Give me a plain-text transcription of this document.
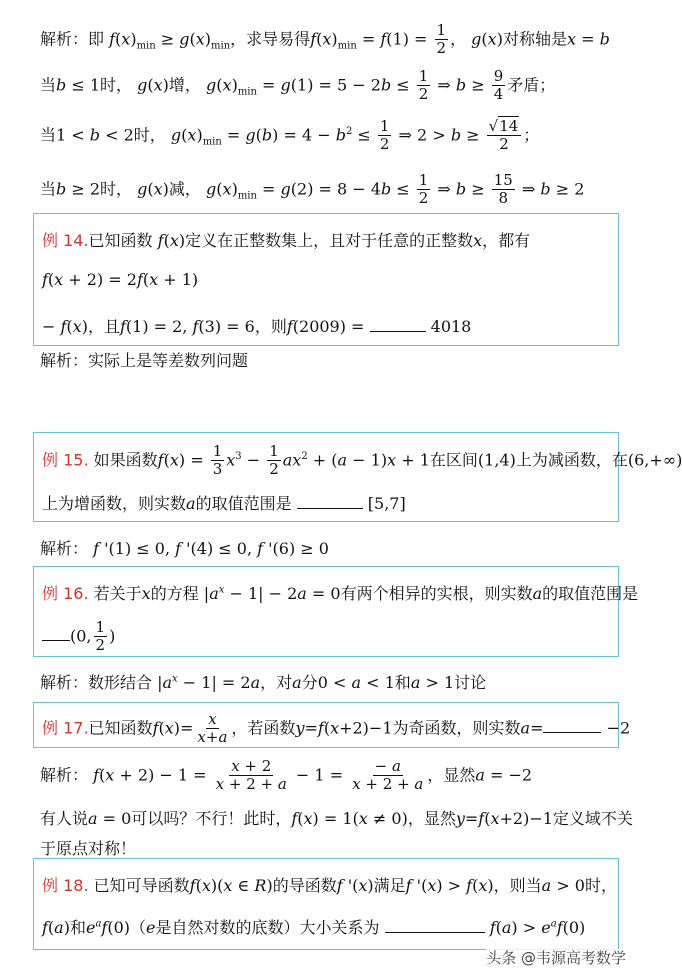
解析：即 $f(x)_{min} \ge g(x)_{min}$，求导易得$f(x)_{min} = f(1) = \frac{1}{2}$ ， g(x)对称轴是x = b
当b ≤ 1时， g(x)增， $g(x)_{min} = g(1) = 5 - 2b \le \frac{1}{2}$ ⇒ $b \ge \frac{9}{4}$ 矛盾；
当1 < b < 2时， $g(x)_{min} = g(b) = 4 - b^2 \le \frac{1}{2}$ ⇒ $2 > b \ge \frac{√14}{2}$ ；
当b ≥ 2时， g(x)减， $g(x)_{min} = g(2) = 8 - 4b \le \frac{1}{2}$ ⇒ $b \ge \frac{15}{8}$ ⇒ b ≥ 2
例 14.已知函数 f(x)定义在正整数集上，且对于任意的正整数x，都有
f(x + 2) = 2f(x + 1)
− f(x)，且f(1) = 2, f(3) = 6，则f(2009) =	4018
解析：实际上是等差数列问题
例 15. 如果函数$f(x) = \frac{1}{3} x^3 - \frac{1}{2} ax^2 + (a - 1)x + 1$在区间(1,4)上为减函数，在(6,+∞)
上为增函数，则实数a的取值范围是	[5,7]
解析： f '(1) ≤ 0, f '(4) ≤ 0, f '(6) ≥ 0
例 16. 若关于x的方程 $|a^x - 1| - 2a = 0$有两个相异的实根，则实数a的取值范围是
(0, $\frac{1}{2}$ )
解析：数形结合 $|a^x - 1| = 2a$，对a分0 < a < 1和a > 1讨论
例 17.已知函数$f(x)= \frac{x}{x+a}$ ，若函数y=f(x+2)−1为奇函数，则实数a=	−2
解析： $f(x + 2) - 1 = \frac{x + 2}{x + 2 + a} - 1 = \frac{- a}{x + 2 + a}$ ，显然a = −2
有人说a = 0可以吗？不行！此时，f(x) = 1(x ≠ 0)，显然y=f(x+2)−1定义域不关
于原点对称！
例 18. 已知可导函数f(x)(x ∈ R)的导函数f '(x)满足f '(x) > f(x)，则当a > 0时，
f(a)和$e^af(0)(e$是自然对数的底数）大小关系为	$f(a) > e^af(0)$
头条 @韦源高考数学
